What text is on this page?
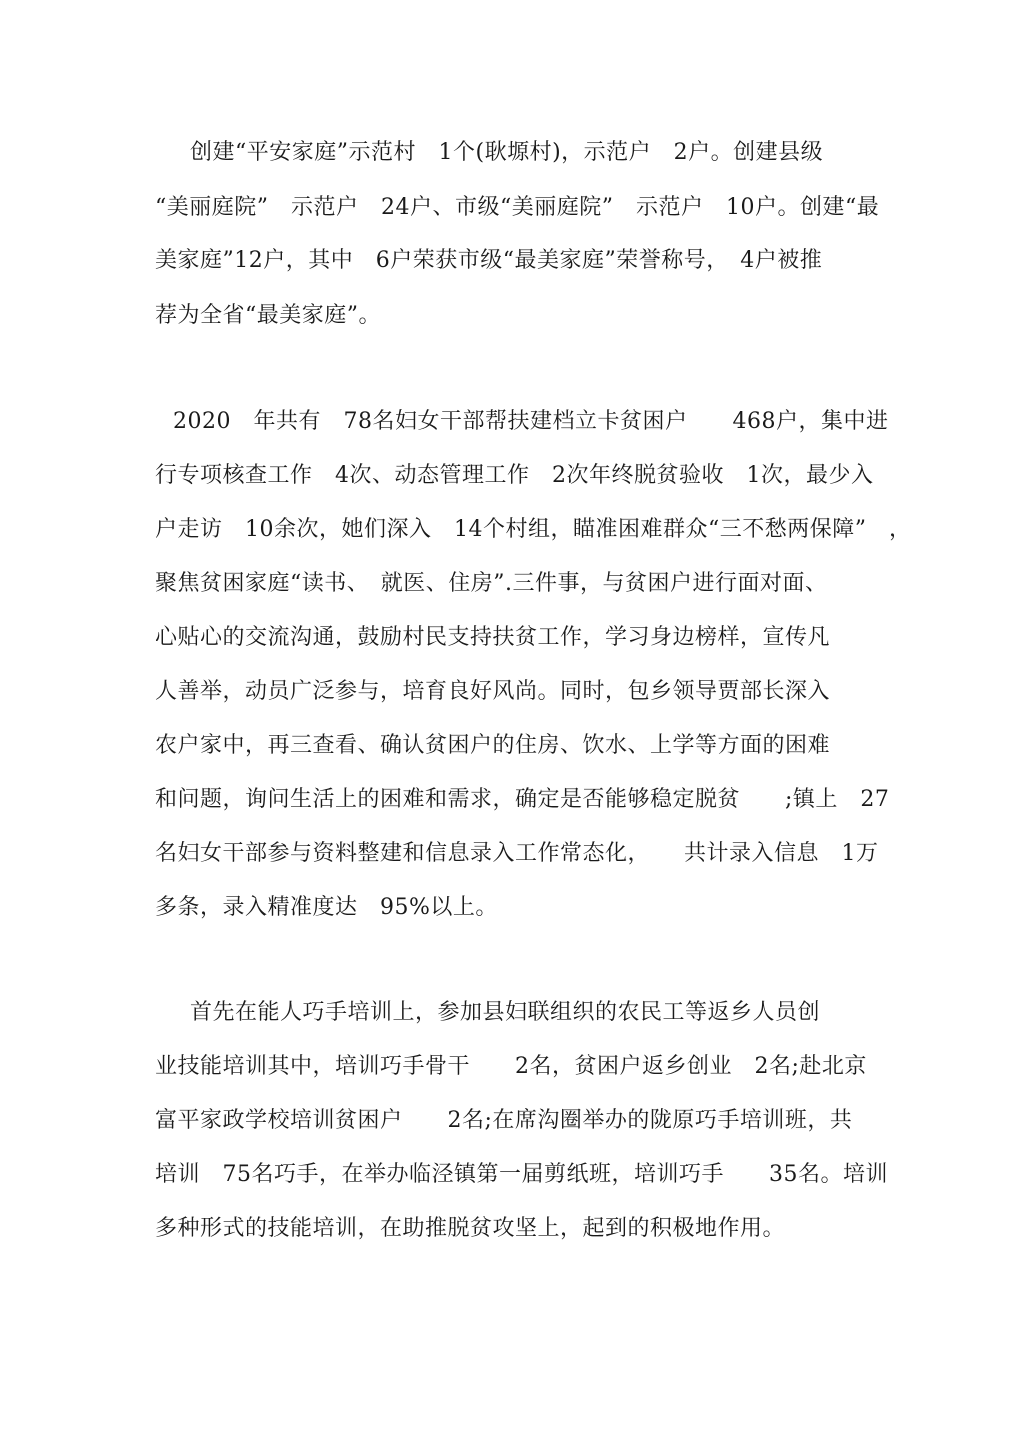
创建“平安家庭”示范村　1个(耿塬村)，示范户　2户。创建县级
“美丽庭院”　示范户　24户、市级“美丽庭院”　示范户　10户。创建“最
美家庭”12户，其中　6户荣获市级“最美家庭”荣誉称号，　4户被推
荐为全省“最美家庭”。
2020　年共有　78名妇女干部帮扶建档立卡贫困户　　468户，集中进
行专项核查工作　4次、动态管理工作　2次年终脱贫验收　1次，最少入
户走访　10余次，她们深入　14个村组，瞄准困难群众“三不愁两保障”　，
聚焦贫困家庭“读书、　就医、住房”.三件事，与贫困户进行面对面、
心贴心的交流沟通，鼓励村民支持扶贫工作，学习身边榜样，宣传凡
人善举，动员广泛参与，培育良好风尚。同时，包乡领导贾部长深入
农户家中，再三查看、确认贫困户的住房、饮水、上学等方面的困难
和问题，询问生活上的困难和需求，确定是否能够稳定脱贫　　;镇上　27
名妇女干部参与资料整建和信息录入工作常态化，　　共计录入信息　1万
多条，录入精准度达　95%以上。
首先在能人巧手培训上，参加县妇联组织的农民工等返乡人员创
业技能培训其中，培训巧手骨干　　2名，贫困户返乡创业　2名;赴北京
富平家政学校培训贫困户　　2名;在席沟圈举办的陇原巧手培训班，共
培训　75名巧手，在举办临泾镇第一届剪纸班，培训巧手　　35名。培训
多种形式的技能培训，在助推脱贫攻坚上，起到的积极地作用。
